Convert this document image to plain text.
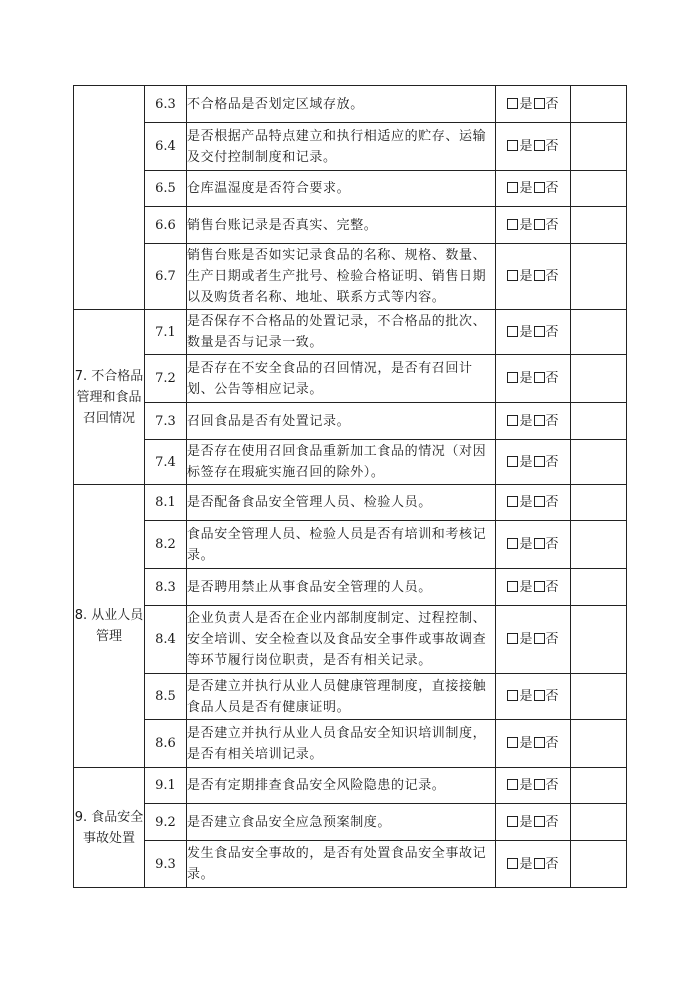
	6.3	不合格品是否划定区域存放。	是 否	
	6.4	是否根据产品特点建立和执行相适应的贮存、运输及交付控制制度和记录。	是 否	
	6.5	仓库温湿度是否符合要求。	是 否	
	6.6	销售台账记录是否真实、完整。	是 否	
	6.7	销售台账是否如实记录食品的名称、规格、数量、生产日期或者生产批号、检验合格证明、销售日期以及购货者名称、地址、联系方式等内容。	是 否	
7. 不合格品管理和食品召回情况	7.1	是否保存不合格品的处置记录，不合格品的批次、数量是否与记录一致。	是 否	
	7.2	是否存在不安全食品的召回情况，是否有召回计划、公告等相应记录。	是 否	
	7.3	召回食品是否有处置记录。	是 否	
	7.4	是否存在使用召回食品重新加工食品的情况（对因标签存在瑕疵实施召回的除外）。	是 否	
8. 从业人员管理	8.1	是否配备食品安全管理人员、检验人员。	是 否	
	8.2	食品安全管理人员、检验人员是否有培训和考核记录。	是 否	
	8.3	是否聘用禁止从事食品安全管理的人员。	是 否	
	8.4	企业负责人是否在企业内部制度制定、过程控制、安全培训、安全检查以及食品安全事件或事故调查等环节履行岗位职责，是否有相关记录。	是 否	
	8.5	是否建立并执行从业人员健康管理制度，直接接触食品人员是否有健康证明。	是 否	
	8.6	是否建立并执行从业人员食品安全知识培训制度，是否有相关培训记录。	是 否	
9. 食品安全事故处置	9.1	是否有定期排查食品安全风险隐患的记录。	是 否	
	9.2	是否建立食品安全应急预案制度。	是 否	
	9.3	发生食品安全事故的，是否有处置食品安全事故记录。	是 否	
